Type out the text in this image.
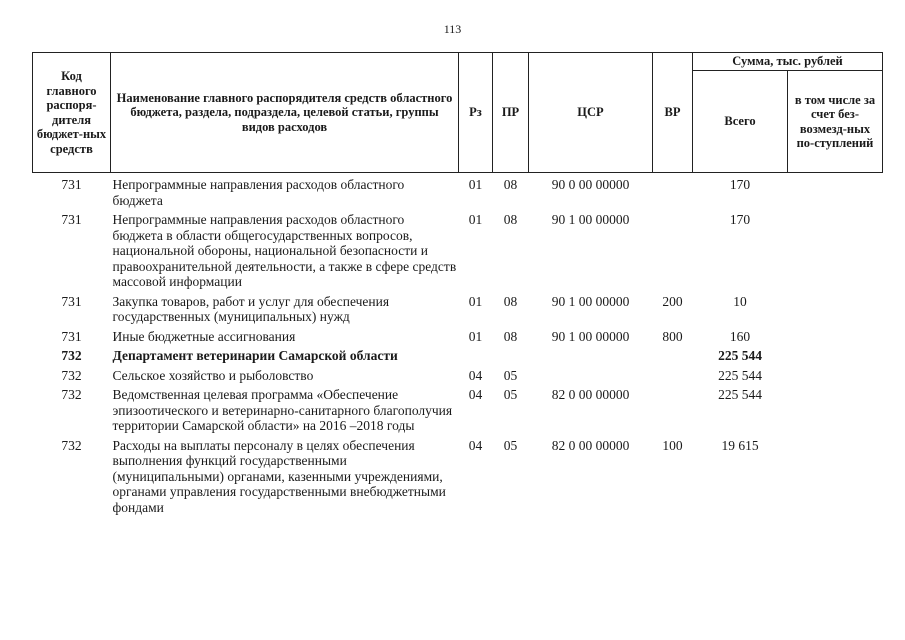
113
Код главного распоря-дителя бюджет-ных средств	Наименование главного распорядителя средств областного бюджета, раздела, подраздела, целевой статьи, группы видов расходов	Рз	ПР	ЦСР	ВР	Сумма, тыс. рублей	
						Всего	в том числе за счет без-возмезд-ных по-ступлений
731	Непрограммные направления расходов областного бюджета	01	08	90 0 00 00000		170	
731	Непрограммные направления расходов областного бюджета в области общегосударственных вопросов, национальной обороны, национальной безопасности и правоохранительной деятельности, а также в сфере средств массовой информации	01	08	90 1 00 00000		170	
731	Закупка товаров, работ и услуг для обеспечения государственных (муниципальных) нужд	01	08	90 1 00 00000	200	10	
731	Иные бюджетные ассигнования	01	08	90 1 00 00000	800	160	
732	Департамент ветеринарии Самарской области					225 544	
732	Сельское хозяйство и рыболовство	04	05			225 544	
732	Ведомственная целевая программа «Обеспечение эпизоотического и ветеринарно-санитарного благополучия территории Самарской области» на 2016 –2018 годы	04	05	82 0 00 00000		225 544	
732	Расходы на выплаты персоналу в целях обеспечения выполнения функций государственными (муниципальными) органами, казенными учреждениями, органами управления государственными внебюджетными фондами	04	05	82 0 00 00000	100	19 615	
